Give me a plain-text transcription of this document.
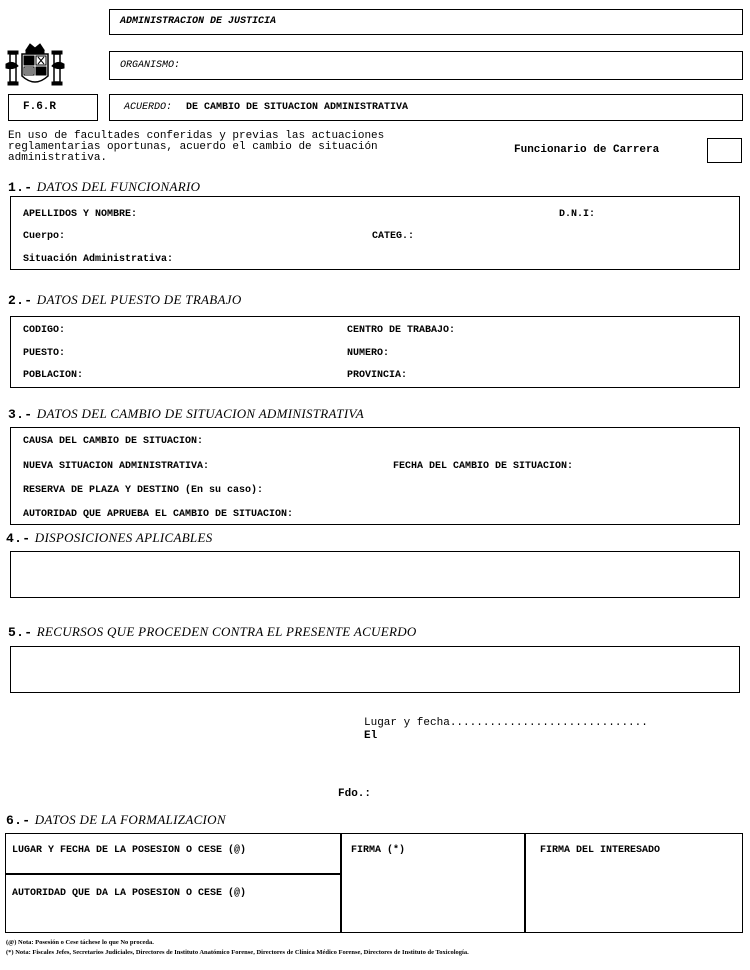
ADMINISTRACION DE JUSTICIA
ORGANISMO:
F.6.R	ACUERDO: DE CAMBIO DE SITUACION ADMINISTRATIVA
En uso de facultades conferidas y previas las actuaciones
reglamentarias oportunas, acuerdo el cambio de situación
administrativa.
Funcionario de Carrera
1.- DATOS DEL FUNCIONARIO
APELLIDOS Y NOMBRE:	D.N.I:
Cuerpo:	CATEG.:
Situación Administrativa:
2.- DATOS DEL PUESTO DE TRABAJO
CODIGO:	CENTRO DE TRABAJO:
PUESTO:	NUMERO:
POBLACION:	PROVINCIA:
3.- DATOS DEL CAMBIO DE SITUACION ADMINISTRATIVA
CAUSA DEL CAMBIO DE SITUACION:
NUEVA SITUACION ADMINISTRATIVA:	FECHA DEL CAMBIO DE SITUACION:
RESERVA DE PLAZA Y DESTINO (En su caso):
AUTORIDAD QUE APRUEBA EL CAMBIO DE SITUACION:
4.- DISPOSICIONES APLICABLES
5.- RECURSOS QUE PROCEDEN CONTRA EL PRESENTE ACUERDO
Lugar y fecha..............................
El
Fdo.:
6.- DATOS DE LA FORMALIZACION
LUGAR Y FECHA DE LA POSESION O CESE (@)
AUTORIDAD QUE DA LA POSESION O CESE (@)
FIRMA (*)	FIRMA DEL INTERESADO
(@) Nota: Posesión o Cese táchese lo que No proceda.
(*) Nota: Fiscales Jefes, Secretarios Judiciales, Directores de Instituto Anatómico Forense, Directores de Clínica Médico Forense, Directores de Instituto de Toxicología.
